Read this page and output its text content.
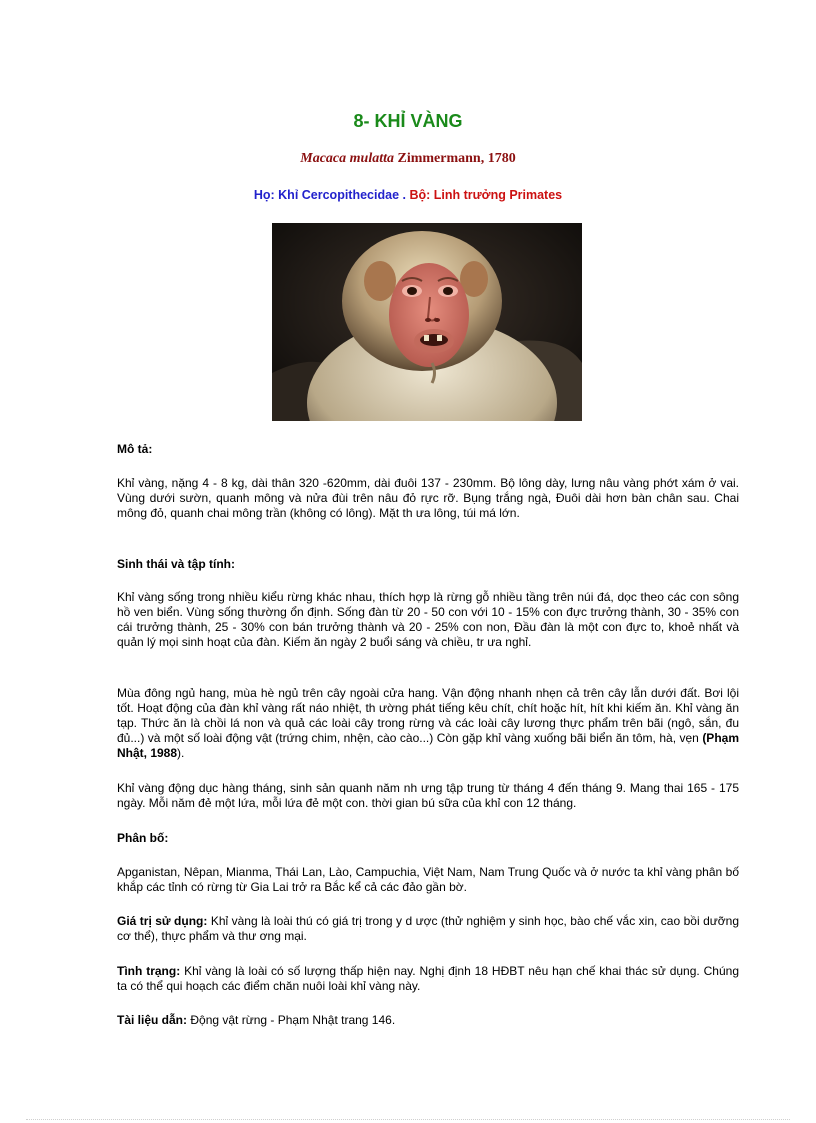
8- KHỈ VÀNG
Macaca mulatta Zimmermann, 1780
Họ: Khỉ Cercopithecidae . Bộ: Linh trưởng Primates
Mô tả:
Khỉ vàng, nặng 4 - 8 kg, dài thân 320 -620mm, dài đuôi 137 - 230mm. Bộ lông dày, lưng nâu vàng phớt xám ở vai. Vùng dưới sườn, quanh mông và nửa đùi trên nâu đỏ rực rỡ. Bụng trắng ngà, Đuôi dài hơn bàn chân sau. Chai mông đỏ, quanh chai mông trần (không có lông). Mặt th ưa lông, túi má lớn.
Sinh thái và tập tính:
Khỉ vàng sống trong nhiều kiểu rừng khác nhau, thích hợp là rừng gỗ nhiều tầng trên núi đá, dọc theo các con sông hồ ven biển. Vùng sống thường ổn định. Sống đàn từ 20 - 50 con với 10 - 15% con đực trưởng thành, 30 - 35% con cái trưởng thành, 25 - 30% con bán trưởng thành và 20 - 25% con non, Đầu đàn là một con đực to, khoẻ nhất và quản lý mọi sinh hoạt của đàn. Kiếm ăn ngày 2 buổi sáng và chiều, tr ưa nghỉ.
Mùa đông ngủ hang, mùa hè ngủ trên cây ngoài cửa hang. Vận động nhanh nhẹn cả trên cây lẫn dưới đất. Bơi lội tốt. Hoạt động của đàn khỉ vàng rất náo nhiệt, th ường phát tiếng kêu chít, chít hoặc hít, hít khi kiếm ăn. Khỉ vàng ăn tạp. Thức ăn là chồi lá non và quả các loài cây trong rừng và các loài cây lương thực phẩm trên bãi (ngô, sắn, đu đủ...) và một số loài động vật (trứng chim, nhện, cào cào...) Còn gặp khỉ vàng xuống bãi biển ăn tôm, hà, vẹn (Phạm Nhật, 1988).
Khỉ vàng động dục hàng tháng, sinh sản quanh năm nh ưng tập trung từ tháng 4 đến tháng 9. Mang thai 165 - 175 ngày. Mỗi năm đẻ một lứa, mỗi lứa đẻ một con. thời gian bú sữa của khỉ con 12 tháng.
Phân bố:
Apganistan, Nêpan, Mianma, Thái Lan, Lào, Campuchia, Việt Nam, Nam Trung Quốc và ở nước ta khỉ vàng phân bố khắp các tỉnh có rừng từ Gia Lai trở ra Bắc kể cả các đảo gần bờ.
Giá trị sử dụng: Khỉ vàng là loài thú có giá trị trong y d ược (thử nghiệm y sinh học, bào chế vắc xin, cao bồi dưỡng cơ thể), thực phẩm và thư ơng mại.
Tình trạng: Khỉ vàng là loài có số lượng thấp hiện nay. Nghị định 18 HĐBT nêu hạn chế khai thác sử dụng. Chúng ta có thể qui hoạch các điểm chăn nuôi loài khỉ vàng này.
Tài liệu dẫn: Động vật rừng - Phạm Nhật trang 146.
